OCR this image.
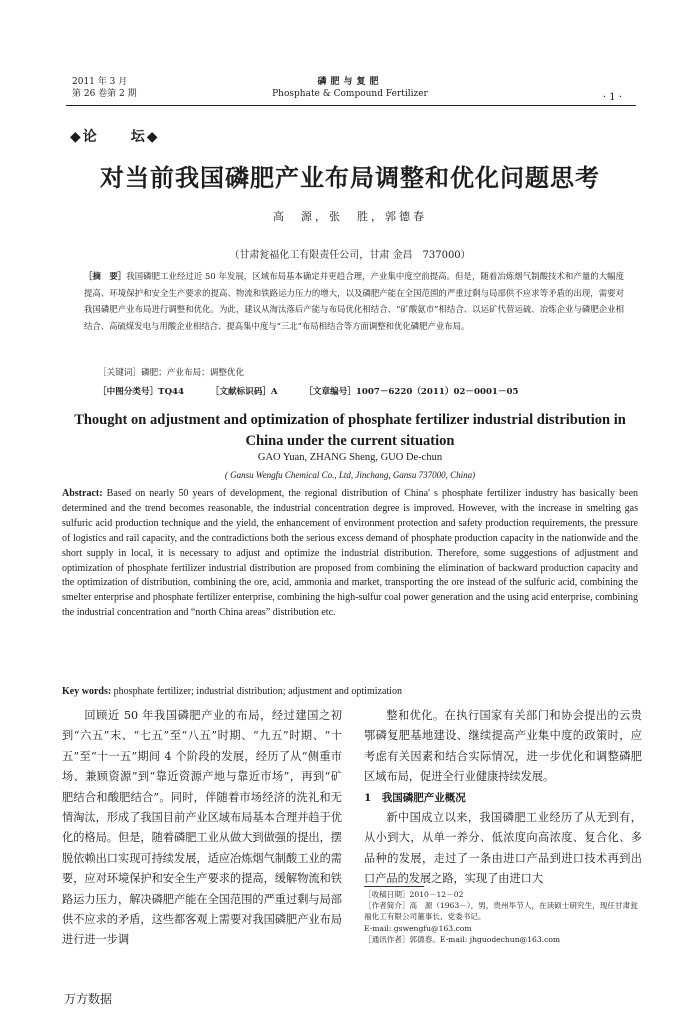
2011 年 3 月
第 26 卷第 2 期
磷肥与复肥
Phosphate & Compound Fertilizer	· 1 ·
◆论　　坛◆
对当前我国磷肥产业布局调整和优化问题思考
高　源，张　胜，郭德春
（甘肃瓮福化工有限责任公司，甘肃 金昌　737000）
［摘　要］我国磷肥工业经过近 50 年发展，区域布局基本确定并更趋合理，产业集中度空前提高。但是，随着冶炼烟气制酸技术和产量的大幅度提高、环境保护和安全生产要求的提高、物流和铁路运力压力的增大，以及磷肥产能在全国范围的严重过剩与局部供不应求等矛盾的出现，需要对我国磷肥产业布局进行调整和优化。为此，建议从淘汰落后产能与布局优化相结合、“矿酸氨市”相结合、以运矿代替运硫、冶炼企业与磷肥企业相结合、高硫煤发电与用酸企业相结合、提高集中度与“三北”布局相结合等方面调整和优化磷肥产业布局。
［关键词］磷肥；产业布局；调整优化
［中图分类号］TQ44	［文献标识码］A	［文章编号］1007－6220（2011）02－0001－05
Thought on adjustment and optimization of phosphate fertilizer industrial distribution in China under the current situation
GAO Yuan, ZHANG Sheng, GUO De-chun
( Gansu Wengfu Chemical Co., Ltd, Jinchang, Gansu 737000, China)
Abstract: Based on nearly 50 years of development, the regional distribution of China' s phosphate fertilizer industry has basically been determined and the trend becomes reasonable, the industrial concentration degree is improved. However, with the increase in smelting gas sulfuric acid production technique and the yield, the enhancement of environment protection and safety production requirements, the pressure of logistics and rail capacity, and the contradictions both the serious excess demand of phosphate production capacity in the nationwide and the short supply in local, it is necessary to adjust and optimize the industrial distribution. Therefore, some suggestions of adjustment and optimization of phosphate fertilizer industrial distribution are proposed from combining the elimination of backward production capacity and the optimization of distribution, combining the ore, acid, ammonia and market, transporting the ore instead of the sulfuric acid, combining the smelter enterprise and phosphate fertilizer enterprise, combining the high-sulfur coal power generation and the using acid enterprise, combining the industrial concentration and “north China areas” distribution etc.
Key words: phosphate fertilizer; industrial distribution; adjustment and optimization
回顾近 50 年我国磷肥产业的布局，经过建国之初到“六五”末、“七五”至“八五”时期、“九五”时期、“十五”至“十一五”期间 4 个阶段的发展，经历了从“侧重市场、兼顾资源”到“靠近资源产地与靠近市场”，再到“矿肥结合和酸肥结合”。同时，伴随着市场经济的洗礼和无情淘汰，形成了我国目前产业区域布局基本合理并趋于优化的格局。但是，随着磷肥工业从做大到做强的提出，摆脱依赖出口实现可持续发展，适应冶炼烟气制酸工业的需要，应对环境保护和安全生产要求的提高，缓解物流和铁路运力压力，解决磷肥产能在全国范围的严重过剩与局部供不应求的矛盾，这些都客观上需要对我国磷肥产业布局进行进一步调

整和优化。在执行国家有关部门和协会提出的云贵鄂磷复肥基地建设、继续提高产业集中度的政策时，应考虑有关因素和结合实际情况，进一步优化和调整磷肥区域布局，促进全行业健康持续发展。

1　我国磷肥产业概况

新中国成立以来，我国磷肥工业经历了从无到有，从小到大，从单一养分、低浓度向高浓度、复合化、多品种的发展，走过了一条由进口产品到进口技术再到出口产品的发展之路，实现了由进口大

［收稿日期］2010－12－02
［作者简介］高　源（1963－），男，贵州毕节人，在读硕士研究生，现任甘肃瓮福化工有限公司董事长、党委书记。
E-mail: gswengfu@163.com
［通讯作者］郭德春。E-mail: jhguodechun@163.com
万方数据
